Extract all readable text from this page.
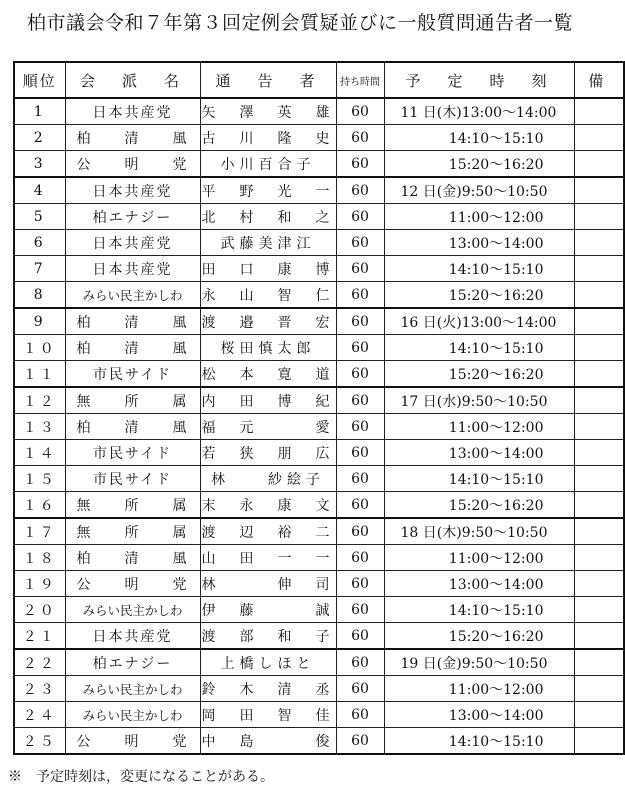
柏市議会令和７年第３回定例会質疑並びに一般質問通告者一覧
順位	会　派　名	通　告　者	持ち時間	予　定　時　刻	備
1	日本共産党	矢　澤　英　雄	60	11 日(木) 13:00～14:00	
2	柏　　清　　風	古　川　隆　史	60	14:10～15:10	
3	公　　明　　党	小川百合子	60	15:20～16:20	
4	日本共産党	平　野　光　一	60	12 日(金) 9:50～10:50	
5	柏エナジー	北　村　和　之	60	11:00～12:00	
6	日本共産党	武藤美津江	60	13:00～14:00	
7	日本共産党	田　口　康　博	60	14:10～15:10	
8	みらい民主かしわ	永　山　智　仁	60	15:20～16:20	
9	柏　　清　　風	渡　邉　晋　宏	60	16 日(火) 13:00～14:00	
１０	柏　　清　　風	桜田慎太郎	60	14:10～15:10	
１１	市民サイド	松　本　寛　道	60	15:20～16:20	
１２	無　　所　　属	内　田　博　紀	60	17 日(水) 9:50～10:50	
１３	柏　　清　　風	福　元　　　愛	60	11:00～12:00	
１４	市民サイド	若　狭　朋　広	60	13:00～14:00	
１５	市民サイド	林　　紗絵子	60	14:10～15:10	
１６	無　　所　　属	末　永　康　文	60	15:20～16:20	
１７	無　　所　　属	渡　辺　裕　二	60	18 日(木) 9:50～10:50	
１８	柏　　清　　風	山　田　一　一	60	11:00～12:00	
１９	公　　明　　党	林　　　伸　司	60	13:00～14:00	
２０	みらい民主かしわ	伊　藤　　　誠	60	14:10～15:10	
２１	日本共産党	渡　部　和　子	60	15:20～16:20	
２２	柏エナジー	上橋しほと	60	19 日(金) 9:50～10:50	
２３	みらい民主かしわ	鈴　木　清　丞	60	11:00～12:00	
２４	みらい民主かしわ	岡　田　智　佳	60	13:00～14:00	
２５	公　　明　　党	中　島　　　俊	60	14:10～15:10	
※　予定時刻は，変更になることがある。
